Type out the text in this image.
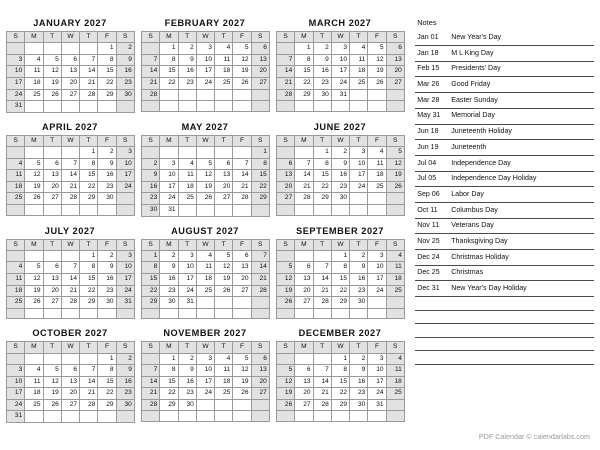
JANUARY 2027
S	M	T	W	T	F	S
					1	2
3	4	5	6	7	8	9
10	11	12	13	14	15	16
17	18	19	20	21	22	23
24	25	26	27	28	29	30
31						
FEBRUARY 2027
S	M	T	W	T	F	S
	1	2	3	4	5	6
7	8	9	10	11	12	13
14	15	16	17	18	19	20
21	22	23	24	25	26	27
28						

MARCH 2027
S	M	T	W	T	F	S
	1	2	3	4	5	6
7	8	9	10	11	12	13
14	15	16	17	18	19	20
21	22	23	24	25	26	27
28	29	30	31			

APRIL 2027
S	M	T	W	T	F	S
				1	2	3
4	5	6	7	8	9	10
11	12	13	14	15	16	17
18	19	20	21	22	23	24
25	26	27	28	29	30	

MAY 2027
S	M	T	W	T	F	S
						1
2	3	4	5	6	7	8
9	10	11	12	13	14	15
16	17	18	19	20	21	22
23	24	25	26	27	28	29
30	31					
JUNE 2027
S	M	T	W	T	F	S
		1	2	3	4	5
6	7	8	9	10	11	12
13	14	15	16	17	18	19
20	21	22	23	24	25	26
27	28	29	30			

JULY 2027
S	M	T	W	T	F	S
				1	2	3
4	5	6	7	8	9	10
11	12	13	14	15	16	17
18	19	20	21	22	23	24
25	26	27	28	29	30	31

AUGUST 2027
S	M	T	W	T	F	S
1	2	3	4	5	6	7
8	9	10	11	12	13	14
15	16	17	18	19	20	21
22	23	24	25	26	27	28
29	30	31				

SEPTEMBER 2027
S	M	T	W	T	F	S
			1	2	3	4
5	6	7	8	9	10	11
12	13	14	15	16	17	18
19	20	21	22	23	24	25
26	27	28	29	30		

OCTOBER 2027
S	M	T	W	T	F	S
					1	2
3	4	5	6	7	8	9
10	11	12	13	14	15	16
17	18	19	20	21	22	23
24	25	26	27	28	29	30
31						
NOVEMBER 2027
S	M	T	W	T	F	S
	1	2	3	4	5	6
7	8	9	10	11	12	13
14	15	16	17	18	19	20
21	22	23	24	25	26	27
28	29	30				

DECEMBER 2027
S	M	T	W	T	F	S
			1	2	3	4
5	6	7	8	9	10	11
12	13	14	15	16	17	18
19	20	21	22	23	24	25
26	27	28	29	30	31	

Notes
Jan 01	New Year's Day
Jan 18	M L King Day
Feb 15	Presidents' Day
Mar 26	Good Friday
Mar 28	Easter Sunday
May 31	Memorial Day
Jun 18	Juneteenth Holiday
Jun 19	Juneteenth
Jul 04	Independence Day
Jul 05	Independence Day Holiday
Sep 06	Labor Day
Oct 11	Columbus Day
Nov 11	Veterans Day
Nov 25	Thanksgiving Day
Dec 24	Christmas Holiday
Dec 25	Christmas
Dec 31	New Year's Day Holiday
PDF Calendar © calendarlabs.com
